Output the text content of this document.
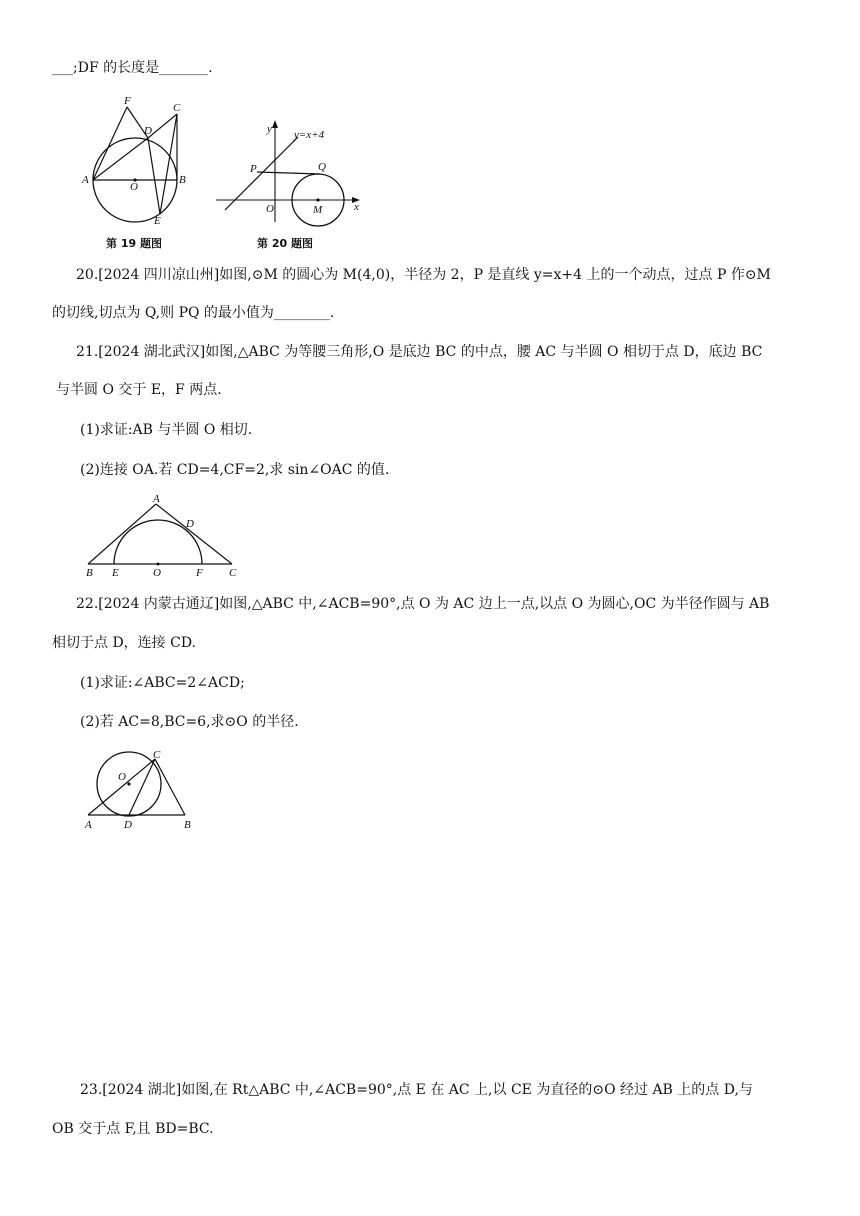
___;DF 的长度是_______.
F
C
D
A
O
B
E
第 19 题图
y y=x+4
P	Q
O	M	x
第 20 题图
20.[2024 四川凉山州]如图,⊙M 的圆心为 M(4,0)，半径为 2，P 是直线 y=x+4 上的一个动点，过点 P 作⊙M
的切线,切点为 Q,则 PQ 的最小值为________.
21.[2024 湖北武汉]如图,△ABC 为等腰三角形,O 是底边 BC 的中点，腰 AC 与半圆 O 相切于点 D，底边 BC
与半圆 O 交于 E，F 两点.
(1)求证:AB 与半圆 O 相切.
(2)连接 OA.若 CD=4,CF=2,求 sin∠OAC 的值.
A
D
B E	O	F C
22.[2024 内蒙古通辽]如图,△ABC 中,∠ACB=90°,点 O 为 AC 边上一点,以点 O 为圆心,OC 为半径作圆与 AB
相切于点 D，连接 CD.
(1)求证:∠ABC=2∠ACD;
(2)若 AC=8,BC=6,求⊙O 的半径.
O
C
A	D	B
23.[2024 湖北]如图,在 Rt△ABC 中,∠ACB=90°,点 E 在 AC 上,以 CE 为直径的⊙O 经过 AB 上的点 D,与
OB 交于点 F,且 BD=BC.
